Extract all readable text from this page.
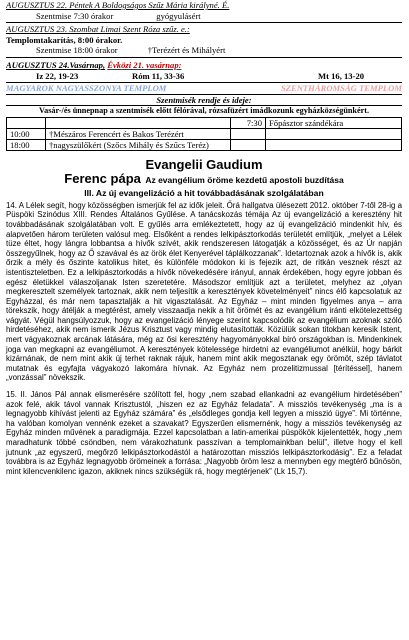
AUGUSZTUS 22. Péntek A Boldogságos Szűz Mária királyné. É.
Szentmise 7:30 órakor                    gyógyulásért
AUGUSZTUS 23. Szombat Limai Szent Róza szűz. e.:
Templomtakarítás, 8:00 órakor.
Szentmise 18:00 órakor              †Terézért és Mihályért
AUGUSZTUS 24.Vasárnap, Évközi 21. vasárnap:
Iz 22, 19-23	Róm 11, 33-36	Mt 16, 13-20
MAGYAROK NAGYASSZONYA TEMPLOM	SZENTHÁROMSÁG TEMPLOM
Szentmisék rendje és ideje:
Vasár-/és ünnepnap a szentmisék előtt félórával, rózsafüzért imádkozunk egyházközségünkért.
		7:30	Főpásztor szándékára
10:00	†Mészáros Ferencért és Bakos Terézért		
18:00	†nagyszülőkért (Szőcs Mihály és Szűcs Teréz)		
Evangelii Gaudium
Ferenc pápa Az evangélium öröme kezdetű apostoli buzdítása
III. Az új evangelizáció a hit továbbadásának szolgálatában

14. A Lélek segít, hogy közösségben ismerjük fel az idők jeleit. Őrá hallgatva ülésezett 2012. október 7-től 28-ig a Püspöki Szinódus XIII. Rendes Általános Gyűlése. A tanácskozás témája Az új evangelizáció a keresztény hit továbbadásának szolgálatában volt. E gyűlés arra emlékeztetett, hogy az új evangelizáció mindenkit hív, és alapvetően három területen valósul meg. Elsőként a rendes lelkipásztorkodás területét említjük, „melyet a Lélek tüze éltet, hogy lángra lobbantsa a hívők szívét, akik rendszeresen látogatják a közösséget, és az Úr napján összegyűlnek, hogy az Ő szavával és az örök élet Kenyerével táplálkozzanak”. Idetartoznak azok a hívők is, akik őrzik a mély és őszinte katolikus hitet, és különféle módokon ki is fejezik azt, de ritkán vesznek részt az istentiszteletben. Ez a lelkipásztorkodás a hívők növekedésére irányul, annak érdekében, hogy egyre jobban és egész életükkel válaszoljanak Isten szeretetére. Másodszor említjük azt a területet, melyhez az „olyan megkeresztelt személyek tartoznak, akik nem teljesítik a keresztények követelményeit” nincs élő kapcsolatuk az Egyházzal, és már nem tapasztalják a hit vigasztalását. Az Egyház – mint minden figyelmes anya – arra törekszik, hogy átélják a megtérést, amely visszaadja nekik a hit örömét és az evangélium iránti elkötelezettség vágyát. Végül hangsúlyozzuk, hogy az evangelizáció lényege szerint kapcsolódik az evangélium azoknak szóló hirdetéséhez, akik nem ismerik Jézus Krisztust vagy mindig elutasították. Közülük sokan titokban keresik Istent, mert vágyakoznak arcának látására, még az ősi keresztény hagyományokkal bíró országokban is. Mindenkinek joga van megkapni az evangéliumot. A keresztények kötelessége hirdetni az evangéliumot anélkül, hogy bárkit kizárnának, de nem mint akik új terhet raknak rájuk, hanem mint akik megosztanak egy örömöt, szép távlatot mutatnak és egyfajta vágyakozó lakomára hívnak. Az Egyház nem prozelitizmussal [térítéssel], hanem „vonzással” növekszik.

15. II. János Pál annak elismerésére szólított fel, hogy „nem szabad ellankadni az evangélium hirdetésében” azok felé, akik távol vannak Krisztustól, „hiszen ez az Egyház feladata”. A missziós tevékenység „ma is a legnagyobb kihívást jelenti az Egyház számára” és „elsődleges gondja kell legyen a misszió ügye”. Mi történne, ha valóban komolyan vennénk ezeket a szavakat? Egyszerűen elismernénk, hogy a missziós tevékenység az Egyház minden művének a paradigmája. Ezzel kapcsolatban a latin-amerikai püspökök kijelentették, hogy „nem maradhatunk többé csöndben, nem várakozhatunk passzívan a templomainkban belül”, illetve hogy el kell jutnunk „az egyszerű, megőrző lelkipásztorkodástól a határozottan missziós lelkipásztorkodásig”. Ez a feladat továbbra is az Egyház legnagyobb örömeinek a forrása: „Nagyobb öröm lesz a mennyben egy megtérő bűnösön, mint kilencvenkilenc igazon, akiknek nincs szükségük rá, hogy megtérjenek” (Lk 15,7).
